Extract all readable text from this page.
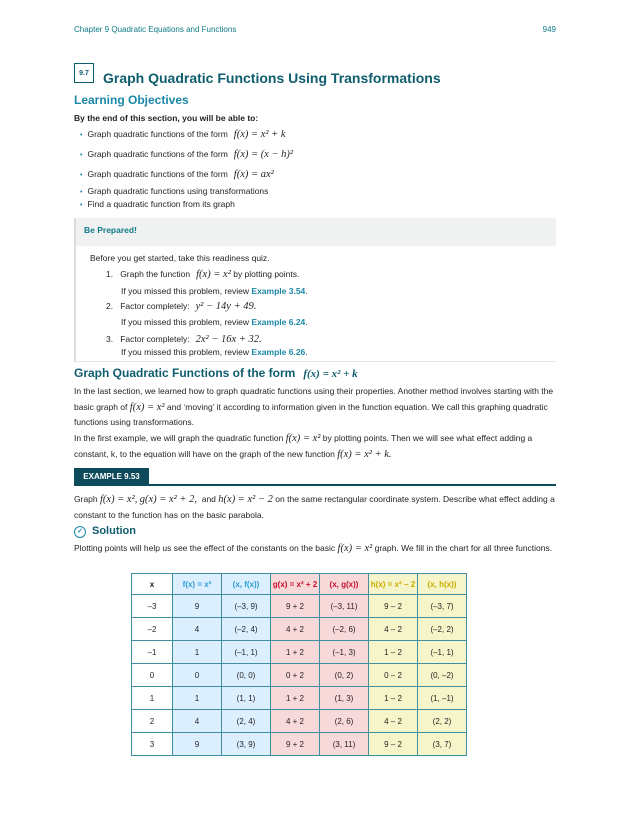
Chapter 9 Quadratic Equations and Functions	949
9.7	Graph Quadratic Functions Using Transformations
Learning Objectives
By the end of this section, you will be able to:
• Graph quadratic functions of the form f(x) = x² + k
• Graph quadratic functions of the form f(x) = (x − h)²
• Graph quadratic functions of the form f(x) = ax²
• Graph quadratic functions using transformations
• Find a quadratic function from its graph
Be Prepared!
Before you get started, take this readiness quiz.
1. Graph the function f(x) = x² by plotting points.
If you missed this problem, review Example 3.54.
2. Factor completely: y² − 14y + 49.
If you missed this problem, review Example 6.24.
3. Factor completely: 2x² − 16x + 32.
If you missed this problem, review Example 6.26.
Graph Quadratic Functions of the form f(x) = x² + k
In the last section, we learned how to graph quadratic functions using their properties. Another method involves starting with the basic graph of f(x) = x² and ‘moving’ it according to information given in the function equation. We call this graphing quadratic functions using transformations.
In the first example, we will graph the quadratic function f(x) = x² by plotting points. Then we will see what effect adding a constant, k, to the equation will have on the graph of the new function f(x) = x² + k.
EXAMPLE 9.53
Graph f(x) = x², g(x) = x² + 2, and h(x) = x² − 2 on the same rectangular coordinate system. Describe what effect adding a constant to the function has on the basic parabola.
✓ Solution
Plotting points will help us see the effect of the constants on the basic f(x) = x² graph. We fill in the chart for all three functions.
x	f(x) = x²	(x, f(x))	g(x) = x² + 2	(x, g(x))	h(x) = x² − 2	(x, h(x))
–3	9	(–3, 9)	9 + 2	(–3, 11)	9 – 2	(–3, 7)
–2	4	(–2, 4)	4 + 2	(–2, 6)	4 – 2	(–2, 2)
–1	1	(–1, 1)	1 + 2	(–1, 3)	1 – 2	(–1, 1)
0	0	(0, 0)	0 + 2	(0, 2)	0 – 2	(0, –2)
1	1	(1, 1)	1 + 2	(1, 3)	1 – 2	(1, –1)
2	4	(2, 4)	4 + 2	(2, 6)	4 – 2	(2, 2)
3	9	(3, 9)	9 + 2	(3, 11)	9 – 2	(3, 7)
